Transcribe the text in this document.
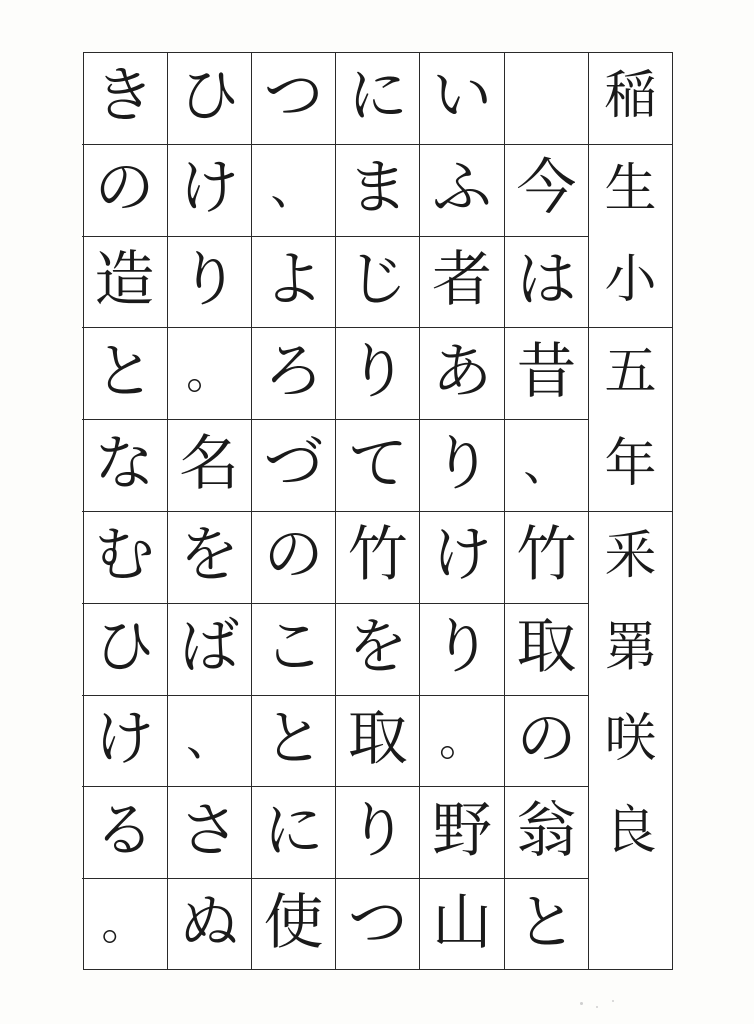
稲
生
小
五
年
釆
罤
咲
良
今
は
昔
、
竹
取
の
翁
と
い
ふ
者
あ
り
け
り
。
野
山
に
ま
じ
り
て
竹
を
取
り
つ
つ
、
よ
ろ
づ
の
こ
と
に
使
ひ
け
り
。
名
を
ば
、
さ
ぬ
き
の
造
と
な
む
ひ
け
る
。
